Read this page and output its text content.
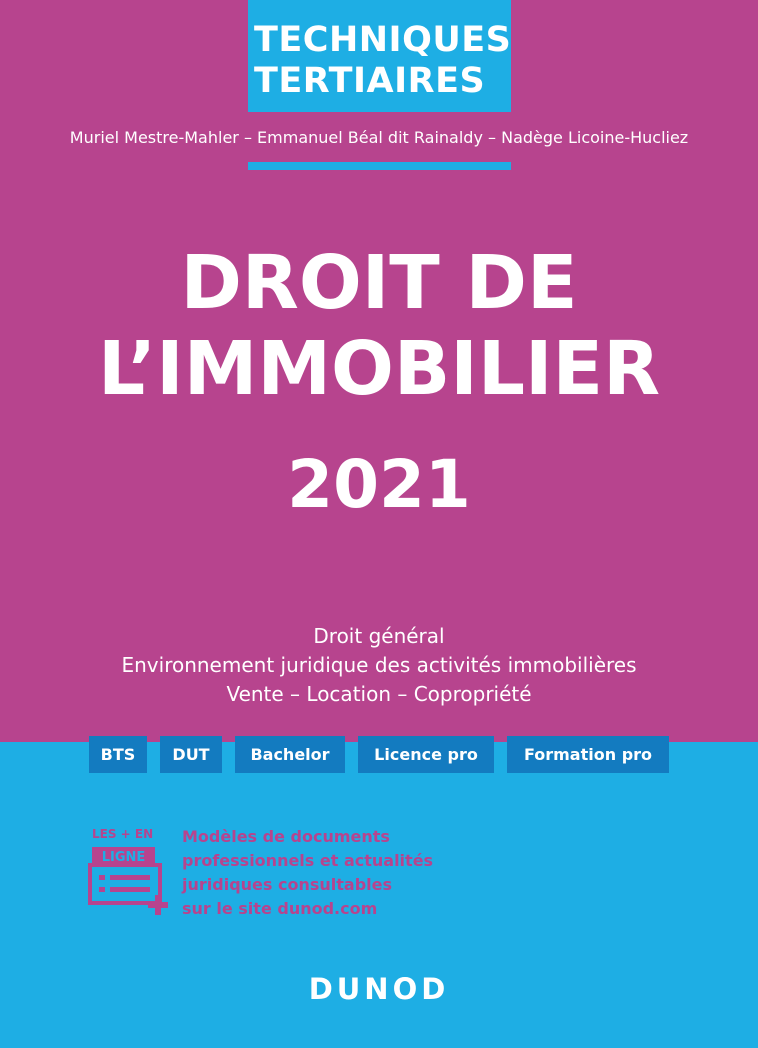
TECHNIQUES
TERTIAIRES
Muriel Mestre-Mahler – Emmanuel Béal dit Rainaldy – Nadège Licoine-Hucliez
DROIT DE
L’IMMOBILIER
2021
Droit général
Environnement juridique des activités immobilières
Vente – Location – Copropriété
BTS	DUT	Bachelor	Licence pro	Formation pro
LES + EN
LIGNE
Modèles de documents
professionnels et actualités
juridiques consultables
sur le site dunod.com
DUNOD
